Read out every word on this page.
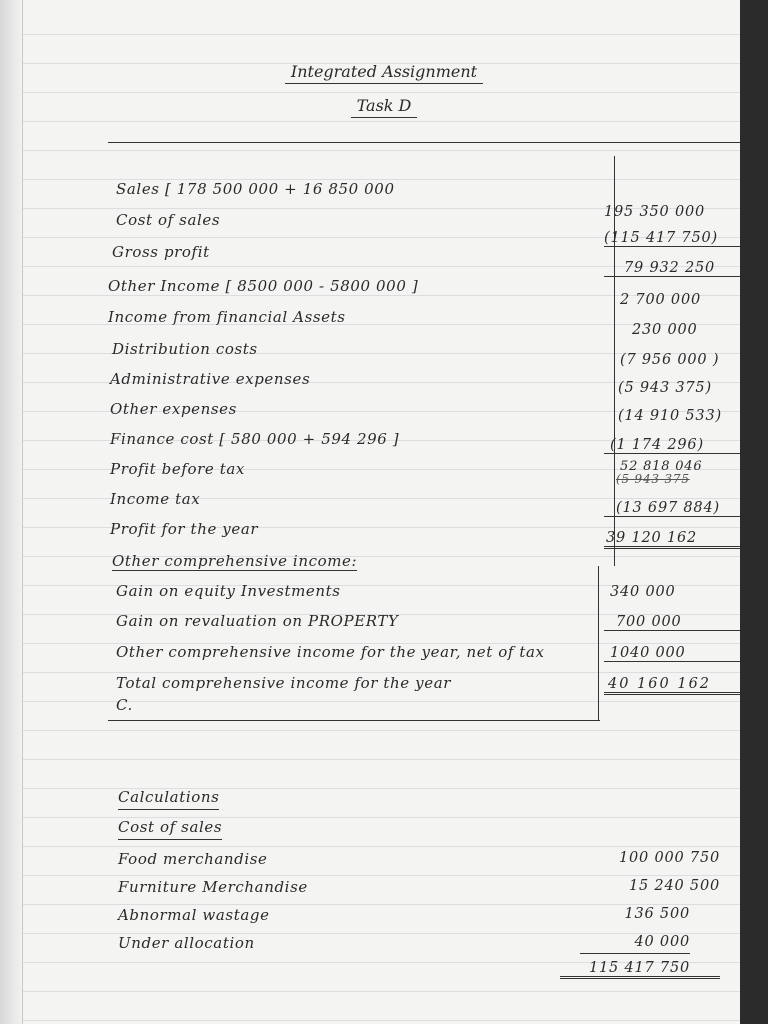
Integrated Assignment
Task D
Sales [ 178 500 000 + 16 850 000
Cost of sales
Gross profit
Other Income [ 8500 000 - 5800 000 ]
Income from financial Assets
Distribution costs
Administrative expenses
Other expenses
Finance cost [ 580 000 + 594 296 ]
Profit before tax
Income tax
Profit for the year
Other comprehensive income:
Gain on equity Investments
Gain on revaluation on PROPERTY
Other comprehensive income for the year, net of tax
Total comprehensive income for the year
C.
195 350 000
(115 417 750)
79 932 250
2 700 000
230 000
(7 956 000 )
(5 943 375)
(14 910 533)
(1 174 296)
52 818 046
(5 943 375
(13 697 884)
39 120 162
340 000
700 000
1040 000
40 160 162
Calculations
Cost of sales
Food merchandise
Furniture Merchandise
Abnormal wastage
Under allocation
100 000 750
15 240 500
136 500
40 000
115 417 750
